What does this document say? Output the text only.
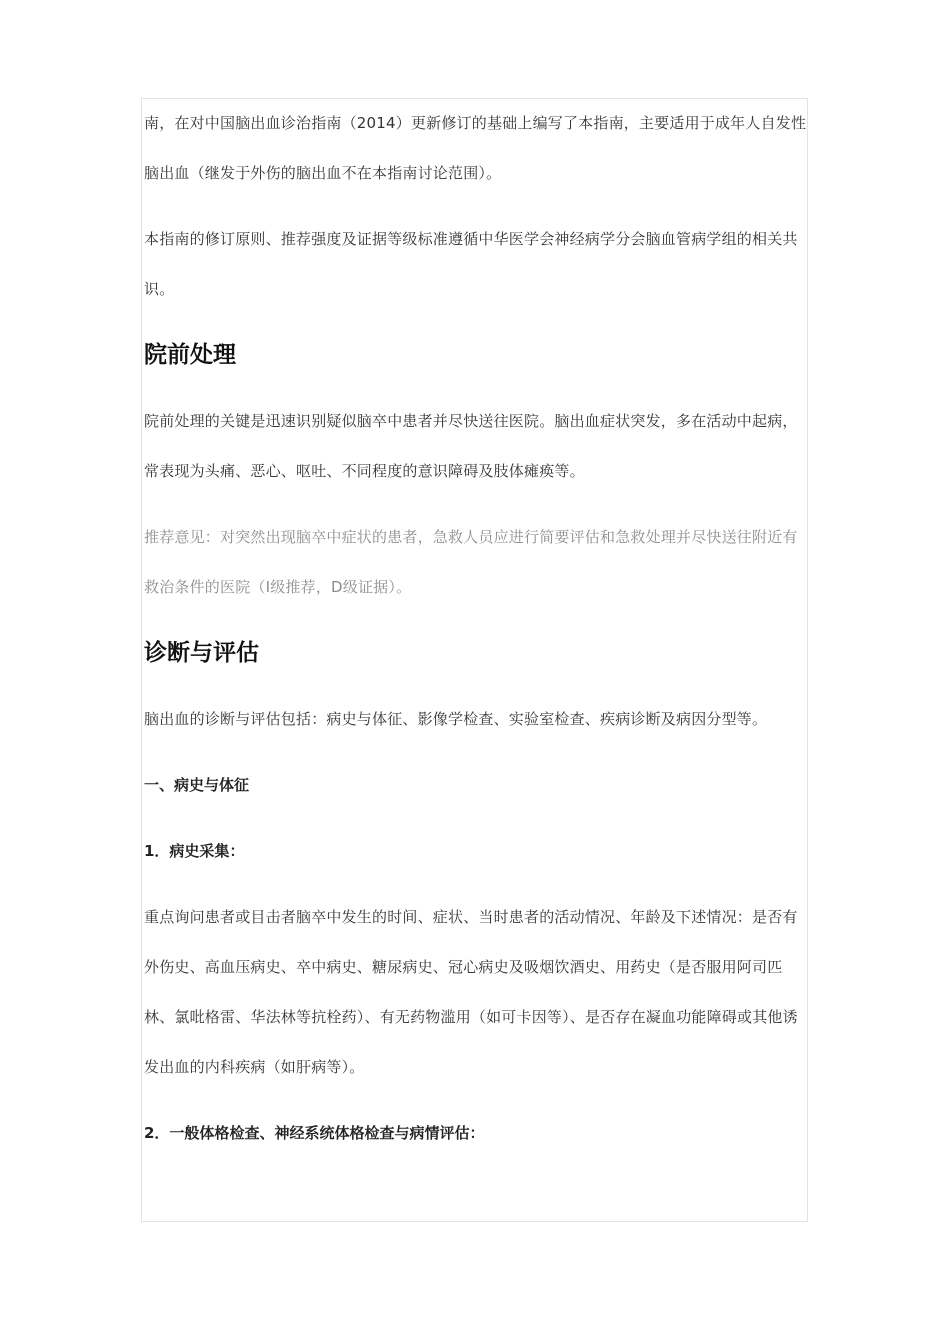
南，在对中国脑出血诊治指南（2014）更新修订的基础上编写了本指南，主要适用于成年人自发性脑出血（继发于外伤的脑出血不在本指南讨论范围）。

本指南的修订原则、推荐强度及证据等级标准遵循中华医学会神经病学分会脑血管病学组的相关共识。

院前处理

院前处理的关键是迅速识别疑似脑卒中患者并尽快送往医院。脑出血症状突发，多在活动中起病，常表现为头痛、恶心、呕吐、不同程度的意识障碍及肢体瘫痪等。

推荐意见：对突然出现脑卒中症状的患者，急救人员应进行简要评估和急救处理并尽快送往附近有救治条件的医院（Ⅰ级推荐，D级证据）。

诊断与评估

脑出血的诊断与评估包括：病史与体征、影像学检查、实验室检查、疾病诊断及病因分型等。

一、病史与体征
1．病史采集：

重点询问患者或目击者脑卒中发生的时间、症状、当时患者的活动情况、年龄及下述情况：是否有外伤史、高血压病史、卒中病史、糖尿病史、冠心病史及吸烟饮酒史、用药史（是否服用阿司匹林、氯吡格雷、华法林等抗栓药）、有无药物滥用（如可卡因等）、是否存在凝血功能障碍或其他诱发出血的内科疾病（如肝病等）。

2．一般体格检查、神经系统体格检查与病情评估：
